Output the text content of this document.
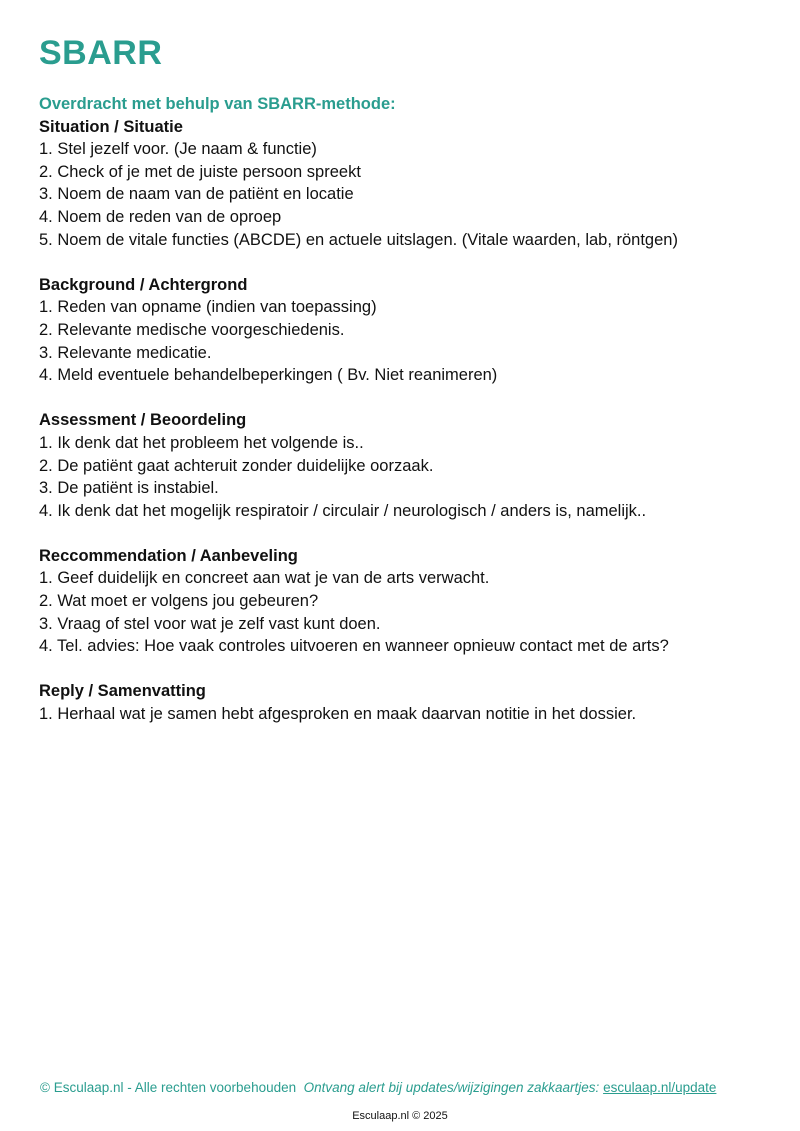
SBARR

Overdracht met behulp van SBARR-methode:

Situation / Situatie

1. Stel jezelf voor. (Je naam & functie)
2. Check of je met de juiste persoon spreekt
3. Noem de naam van de patiënt en locatie
4. Noem de reden van de oproep
5. Noem de vitale functies (ABCDE) en actuele uitslagen. (Vitale waarden, lab, röntgen)

Background / Achtergrond

1. Reden van opname (indien van toepassing)
2. Relevante medische voorgeschiedenis.
3. Relevante medicatie.
4. Meld eventuele behandelbeperkingen ( Bv. Niet reanimeren)

Assessment / Beoordeling

1. Ik denk dat het probleem het volgende is..
2. De patiënt gaat achteruit zonder duidelijke oorzaak.
3. De patiënt is instabiel.
4. Ik denk dat het mogelijk respiratoir / circulair / neurologisch / anders is, namelijk..

Reccommendation / Aanbeveling

1. Geef duidelijk en concreet aan wat je van de arts verwacht.
2. Wat moet er volgens jou gebeuren?
3. Vraag of stel voor wat je zelf vast kunt doen.
4. Tel. advies: Hoe vaak controles uitvoeren en wanneer opnieuw contact met de arts?

Reply / Samenvatting

1. Herhaal wat je samen hebt afgesproken en maak daarvan notitie in het dossier.
© Esculaap.nl - Alle rechten voorbehouden Ontvang alert bij updates/wijzigingen zakkaartjes: esculaap.nl/update
Esculaap.nl © 2025
